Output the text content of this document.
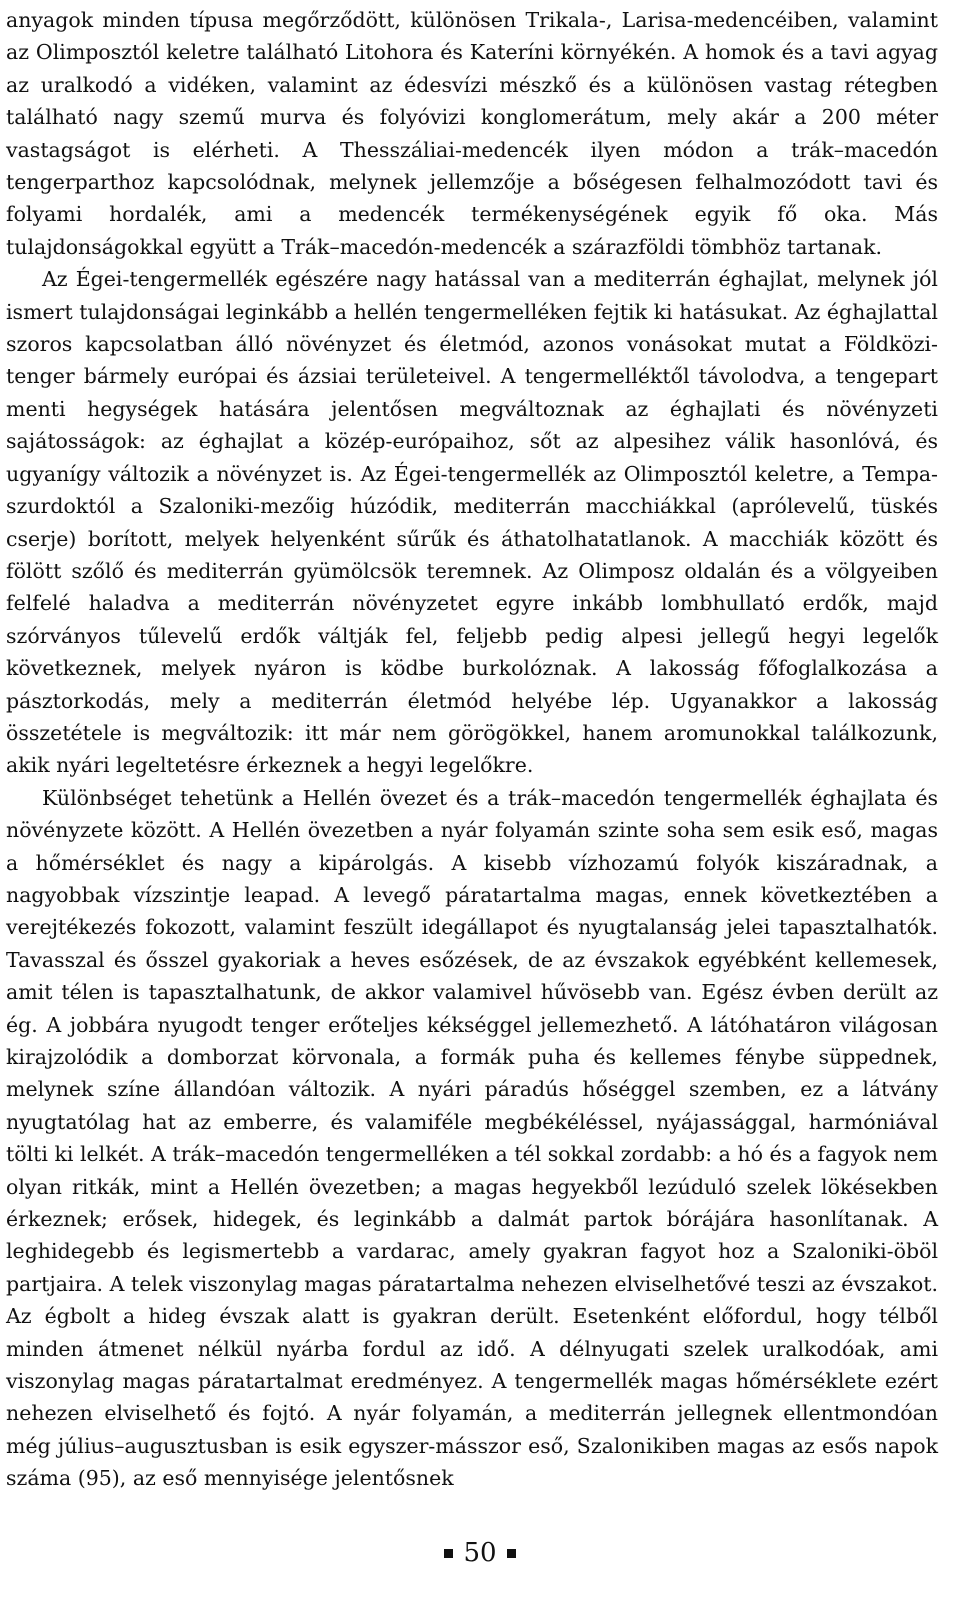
anyagok minden típusa megőrződött, különösen Trikala-, Larisa-medencéiben, valamint az Olimposztól keletre található Litohora és Kateríni környékén. A homok és a tavi agyag az uralkodó a vidéken, valamint az édesvízi mészkő és a különösen vastag rétegben található nagy szemű murva és folyóvizi konglomerátum, mely akár a 200 méter vastagságot is elérheti. A Thesszáliai-medencék ilyen módon a trák–macedón tengerparthoz kapcsolódnak, melynek jellemzője a bőségesen felhalmozódott tavi és folyami hordalék, ami a medencék termékenységének egyik fő oka. Más tulajdonságokkal együtt a Trák–macedón-medencék a szárazföldi tömbhöz tartanak.

Az Égei-tengermellék egészére nagy hatással van a mediterrán éghajlat, melynek jól ismert tulajdonságai leginkább a hellén tengermelléken fejtik ki hatásukat. Az éghajlattal szoros kapcsolatban álló növényzet és életmód, azonos vonásokat mutat a Földközi-tenger bármely európai és ázsiai területeivel. A tengermelléktől távolodva, a tengepart menti hegységek hatására jelentősen megváltoznak az éghajlati és növényzeti sajátosságok: az éghajlat a közép-európaihoz, sőt az alpesihez válik hasonlóvá, és ugyanígy változik a növényzet is. Az Égei-tengermellék az Olimposztól keletre, a Tempa-szurdoktól a Szaloniki-mezőig húzódik, mediterrán macchiákkal (aprólevelű, tüskés cserje) borított, melyek helyenként sűrűk és áthatolhatatlanok. A macchiák között és fölött szőlő és mediterrán gyümölcsök teremnek. Az Olimposz oldalán és a völgyeiben felfelé haladva a mediterrán növényzetet egyre inkább lombhullató erdők, majd szórványos tűlevelű erdők váltják fel, feljebb pedig alpesi jellegű hegyi legelők következnek, melyek nyáron is ködbe burkolóznak. A lakosság főfoglalkozása a pásztorkodás, mely a mediterrán életmód helyébe lép. Ugyanakkor a lakosság összetétele is megváltozik: itt már nem görögökkel, hanem aromunokkal találkozunk, akik nyári legeltetésre érkeznek a hegyi legelőkre.

Különbséget tehetünk a Hellén övezet és a trák–macedón tengermellék éghajlata és növényzete között. A Hellén övezetben a nyár folyamán szinte soha sem esik eső, magas a hőmérséklet és nagy a kipárolgás. A kisebb vízhozamú folyók kiszáradnak, a nagyobbak vízszintje leapad. A levegő páratartalma magas, ennek következtében a verejtékezés fokozott, valamint feszült idegállapot és nyugtalanság jelei tapasztalhatók. Tavasszal és ősszel gyakoriak a heves esőzések, de az évszakok egyébként kellemesek, amit télen is tapasztalhatunk, de akkor valamivel hűvösebb van. Egész évben derült az ég. A jobbára nyugodt tenger erőteljes kékséggel jellemezhető. A látóhatáron világosan kirajzolódik a domborzat körvonala, a formák puha és kellemes fénybe süppednek, melynek színe állandóan változik. A nyári páradús hőséggel szemben, ez a látvány nyugtatólag hat az emberre, és valamiféle megbékéléssel, nyájassággal, harmóniával tölti ki lelkét. A trák–macedón tengermelléken a tél sokkal zordabb: a hó és a fagyok nem olyan ritkák, mint a Hellén övezetben; a magas hegyekből lezúduló szelek lökésekben érkeznek; erősek, hidegek, és leginkább a dalmát partok bórájára hasonlítanak. A leghidegebb és legismertebb a vardarac, amely gyakran fagyot hoz a Szaloniki-öböl partjaira. A telek viszonylag magas páratartalma nehezen elviselhetővé teszi az évszakot. Az égbolt a hideg évszak alatt is gyakran derült. Esetenként előfordul, hogy télből minden átmenet nélkül nyárba fordul az idő. A délnyugati szelek uralkodóak, ami viszonylag magas páratartalmat eredményez. A tengermellék magas hőmérséklete ezért nehezen elviselhető és fojtó. A nyár folyamán, a mediterrán jellegnek ellentmondóan még július–augusztusban is esik egyszer-másszor eső, Szalonikiben magas az esős napok száma (95), az eső mennyisége jelentősnek

50
